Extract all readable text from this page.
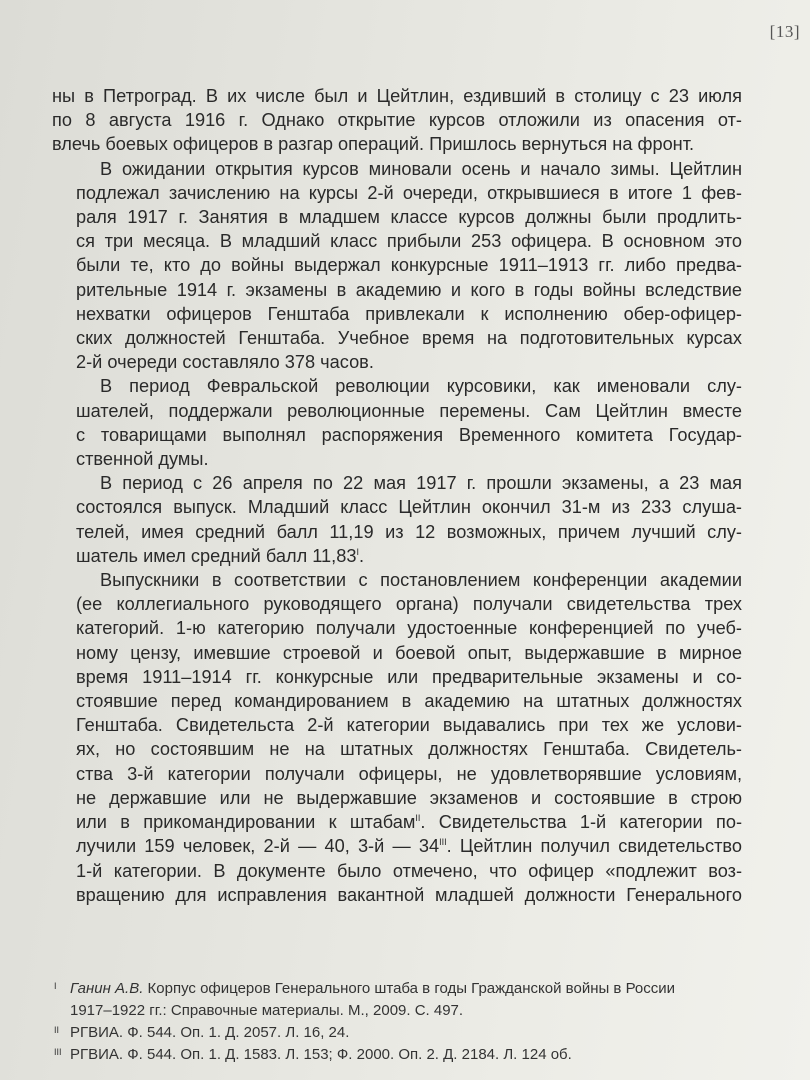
[13]

ны в Петроград. В их числе был и Цейтлин, ездивший в столицу с 23 июля
по 8 августа 1916 г. Однако открытие курсов отложили из опасения от-
влечь боевых офицеров в разгар операций. Пришлось вернуться на фронт.

В ожидании открытия курсов миновали осень и начало зимы. Цейтлин
подлежал зачислению на курсы 2-й очереди, открывшиеся в итоге 1 фев-
раля 1917 г. Занятия в младшем классе курсов должны были продлить-
ся три месяца. В младший класс прибыли 253 офицера. В основном это
были те, кто до войны выдержал конкурсные 1911–1913 гг. либо предва-
рительные 1914 г. экзамены в академию и кого в годы войны вследствие
нехватки офицеров Генштаба привлекали к исполнению обер-офицер-
ских должностей Генштаба. Учебное время на подготовительных курсах
2-й очереди составляло 378 часов.

В период Февральской революции курсовики, как именовали слу-
шателей, поддержали революционные перемены. Сам Цейтлин вместе
с товарищами выполнял распоряжения Временного комитета Государ-
ственной думы.

В период с 26 апреля по 22 мая 1917 г. прошли экзамены, а 23 мая
состоялся выпуск. Младший класс Цейтлин окончил 31-м из 233 слуша-
телей, имея средний балл 11,19 из 12 возможных, причем лучший слу-
шатель имел средний балл $11,83^I$.

Выпускники в соответствии с постановлением конференции академии
(ее коллегиального руководящего органа) получали свидетельства трех
категорий. 1-ю категорию получали удостоенные конференцией по учеб-
ному цензу, имевшие строевой и боевой опыт, выдержавшие в мирное
время 1911–1914 гг. конкурсные или предварительные экзамены и со-
стоявшие перед командированием в академию на штатных должностях
Генштаба. Свидетельста 2-й категории выдавались при тех же услови-
ях, но состоявшим не на штатных должностях Генштаба. Свидетель-
ства 3-й категории получали офицеры, не удовлетворявшие условиям,
не державшие или не выдержавшие экзаменов и состоявшие в строю
или в прикомандировании к штабам$^{II}$. Свидетельства 1-й категории по-
лучили 159 человек, 2-й — 40, 3-й — $34^{III}$. Цейтлин получил свидетельство
1-й категории. В документе было отмечено, что офицер «подлежит воз-
вращению для исправления вакантной младшей должности Генерального

I Ганин А.В. Корпус офицеров Генерального штаба в годы Гражданской войны в России
1917–1922 гг.: Справочные материалы. М., 2009. С. 497.
II РГВИА. Ф. 544. Оп. 1. Д. 2057. Л. 16, 24.
III РГВИА. Ф. 544. Оп. 1. Д. 1583. Л. 153; Ф. 2000. Оп. 2. Д. 2184. Л. 124 об.
